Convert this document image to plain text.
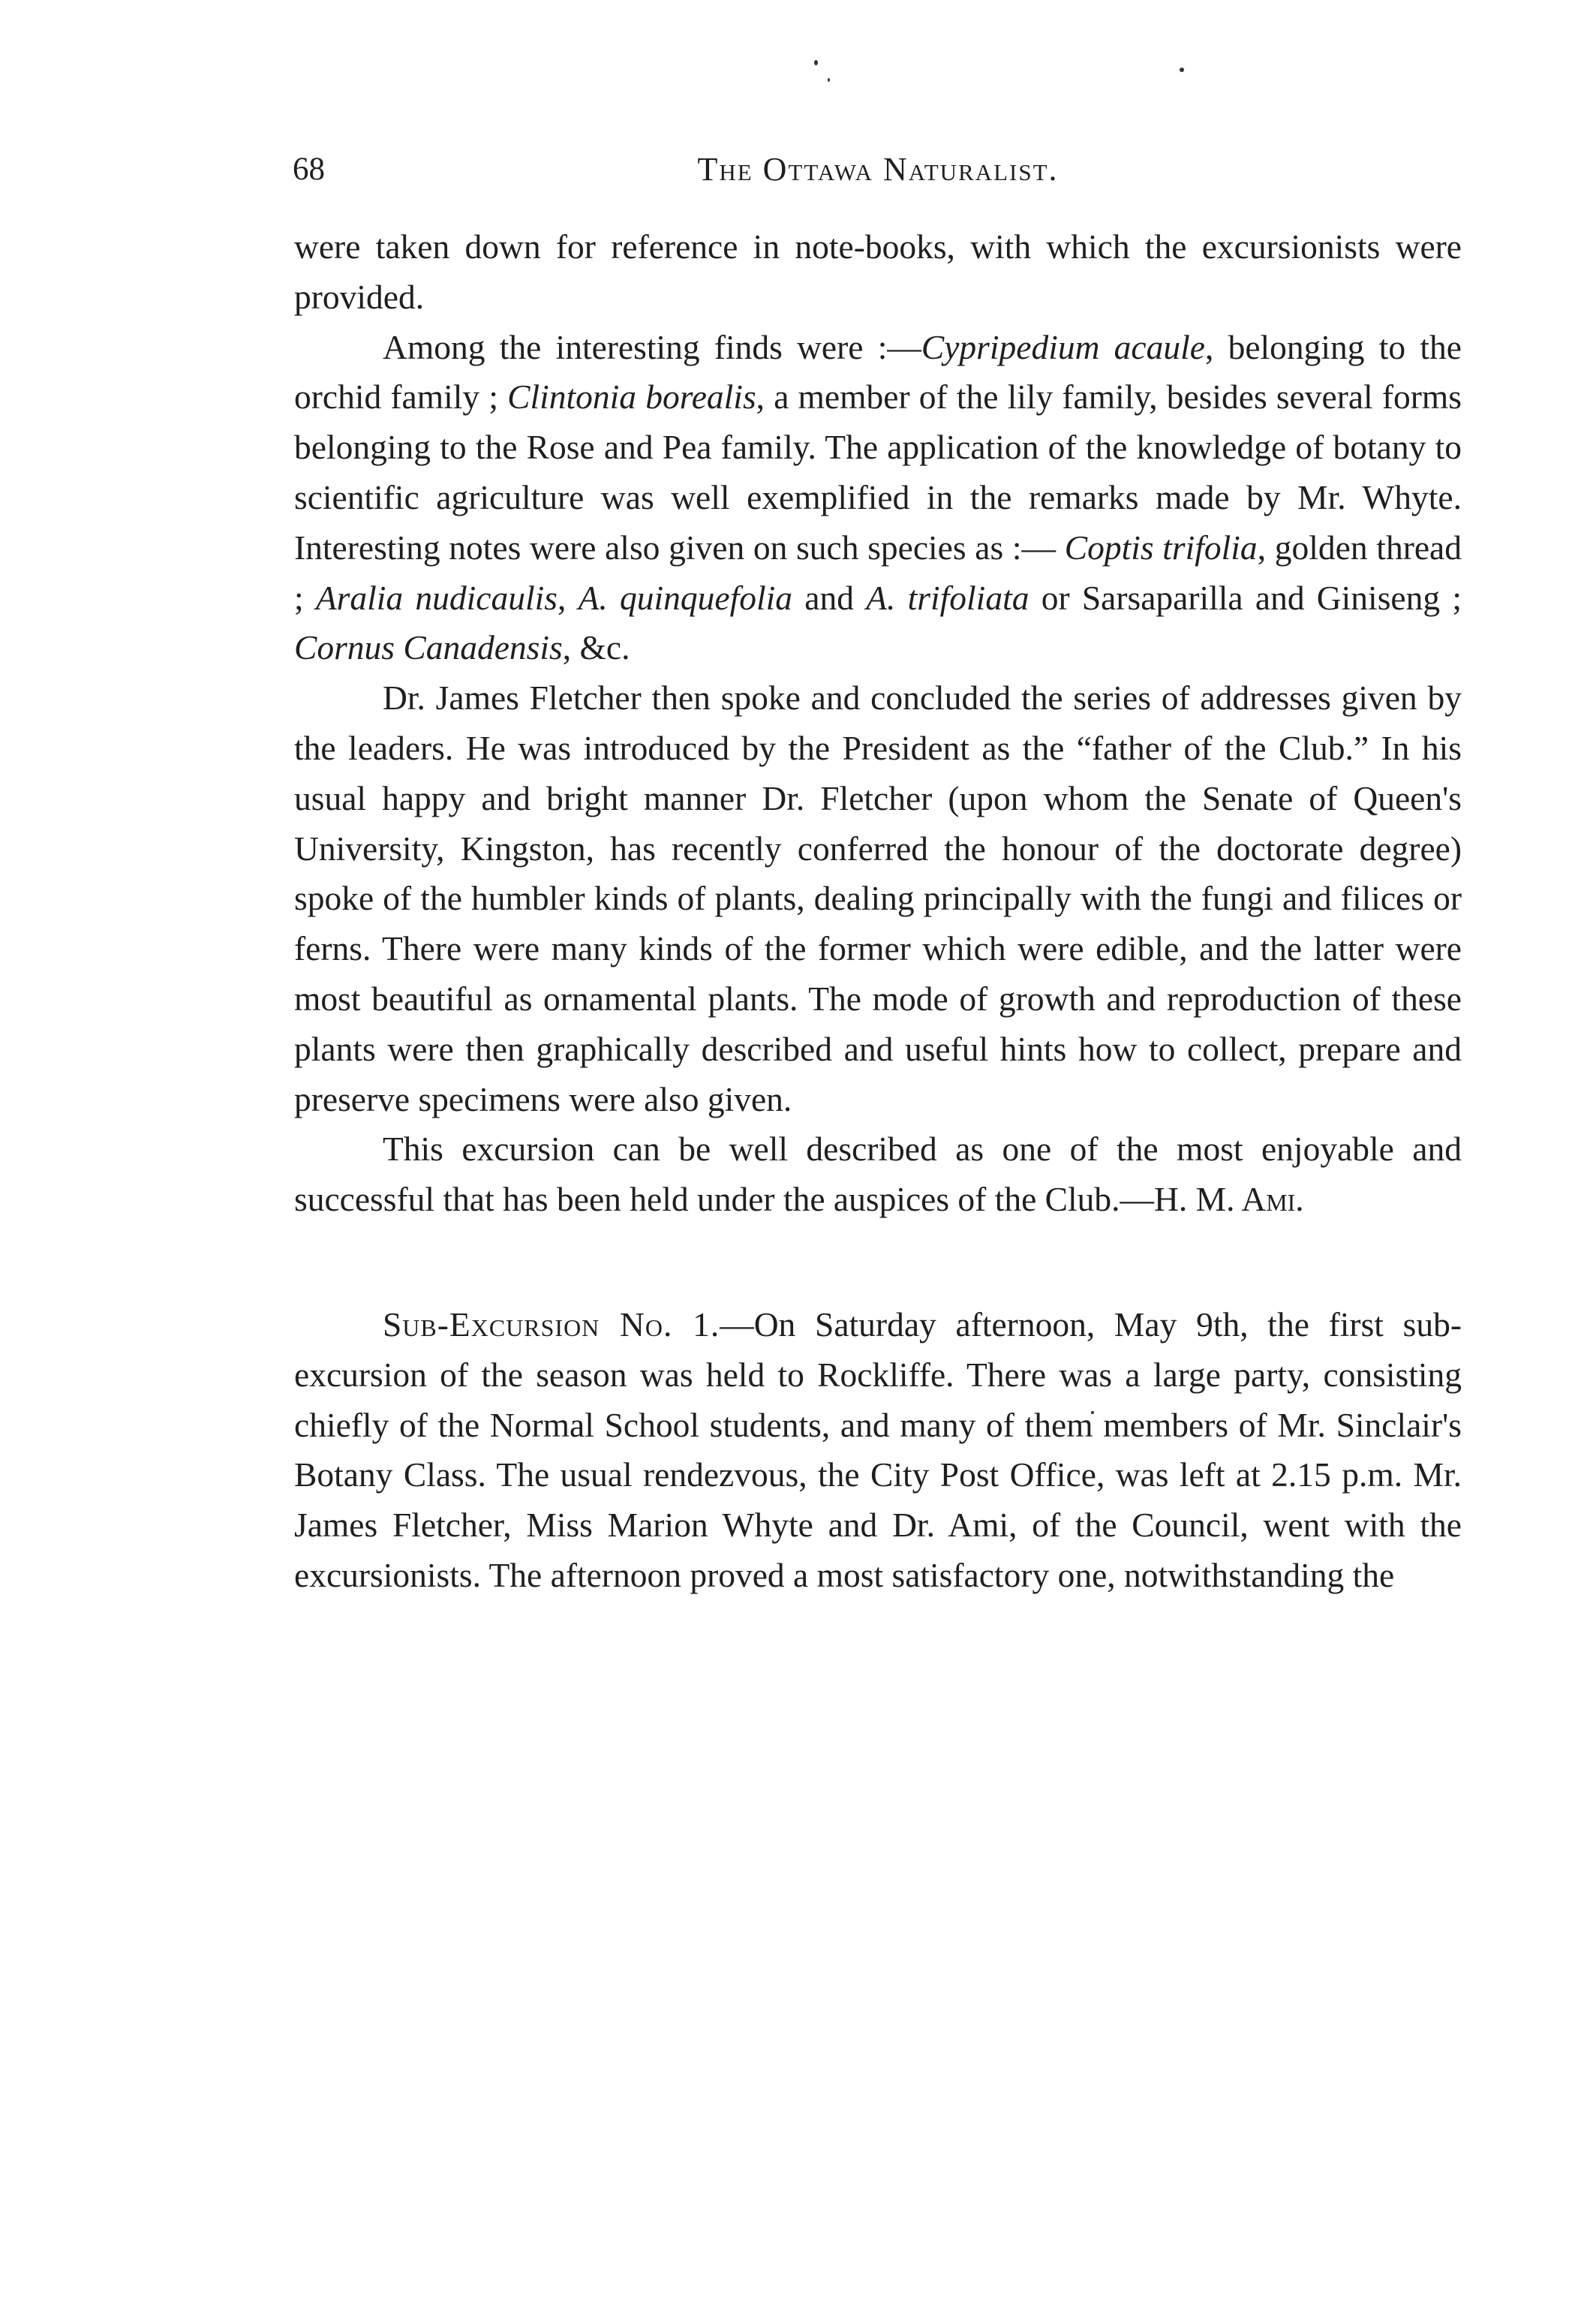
68	The Ottawa Naturalist.

were taken down for reference in note-books, with which the excursionists were provided.

Among the interesting finds were :—Cypripedium acaule, belonging to the orchid family ; Clintonia borealis, a member of the lily family, besides several forms belonging to the Rose and Pea family. The application of the knowledge of botany to scientific agriculture was well exemplified in the remarks made by Mr. Whyte. Interesting notes were also given on such species as :— Coptis trifolia, golden thread ; Aralia nudicaulis, A. quinquefolia and A. trifoliata or Sarsaparilla and Giniseng ; Cornus Canadensis, &c.

Dr. James Fletcher then spoke and concluded the series of addresses given by the leaders. He was introduced by the President as the “father of the Club.” In his usual happy and bright manner Dr. Fletcher (upon whom the Senate of Queen's University, Kingston, has recently conferred the honour of the doctorate degree) spoke of the humbler kinds of plants, dealing principally with the fungi and filices or ferns. There were many kinds of the former which were edible, and the latter were most beautiful as ornamental plants. The mode of growth and reproduction of these plants were then graphically described and useful hints how to collect, prepare and preserve specimens were also given.

This excursion can be well described as one of the most enjoyable and successful that has been held under the auspices of the Club.—H. M. Ami.

Sub-Excursion No. 1.—On Saturday afternoon, May 9th, the first sub-excursion of the season was held to Rockliffe. There was a large party, consisting chiefly of the Normal School students, and many of them members of Mr. Sinclair's Botany Class. The usual rendezvous, the City Post Office, was left at 2.15 p.m. Mr. James Fletcher, Miss Marion Whyte and Dr. Ami, of the Council, went with the excursionists. The afternoon proved a most satisfactory one, notwithstanding the
